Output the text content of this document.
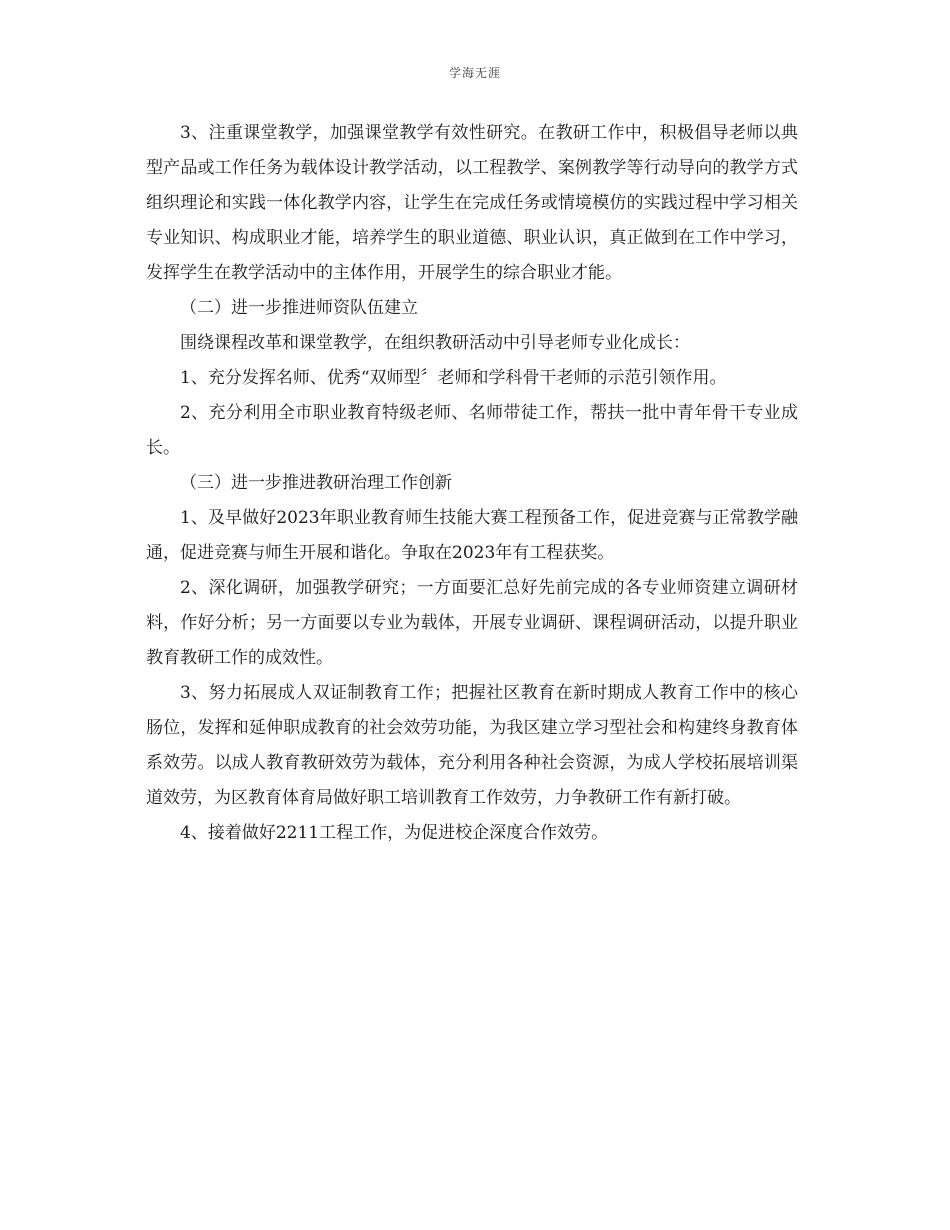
学海无涯

3、注重课堂教学，加强课堂教学有效性研究。在教研工作中，积极倡导老师以典型产品或工作任务为载体设计教学活动，以工程教学、案例教学等行动导向的教学方式组织理论和实践一体化教学内容，让学生在完成任务或情境模仿的实践过程中学习相关专业知识、构成职业才能，培养学生的职业道德、职业认识，真正做到在工作中学习，发挥学生在教学活动中的主体作用，开展学生的综合职业才能。

（二）进一步推进师资队伍建立

围绕课程改革和课堂教学，在组织教研活动中引导老师专业化成长：

1、充分发挥名师、优秀“双师型〞老师和学科骨干老师的示范引领作用。

2、充分利用全市职业教育特级老师、名师带徒工作，帮扶一批中青年骨干专业成长。

（三）进一步推进教研治理工作创新

1、及早做好2023年职业教育师生技能大赛工程预备工作，促进竞赛与正常教学融通，促进竞赛与师生开展和谐化。争取在2023年有工程获奖。

2、深化调研，加强教学研究；一方面要汇总好先前完成的各专业师资建立调研材料，作好分析；另一方面要以专业为载体，开展专业调研、课程调研活动，以提升职业教育教研工作的成效性。

3、努力拓展成人双证制教育工作；把握社区教育在新时期成人教育工作中的核心肠位，发挥和延伸职成教育的社会效劳功能，为我区建立学习型社会和构建终身教育体系效劳。以成人教育教研效劳为载体，充分利用各种社会资源，为成人学校拓展培训渠道效劳，为区教育体育局做好职工培训教育工作效劳，力争教研工作有新打破。

4、接着做好2211工程工作，为促进校企深度合作效劳。
